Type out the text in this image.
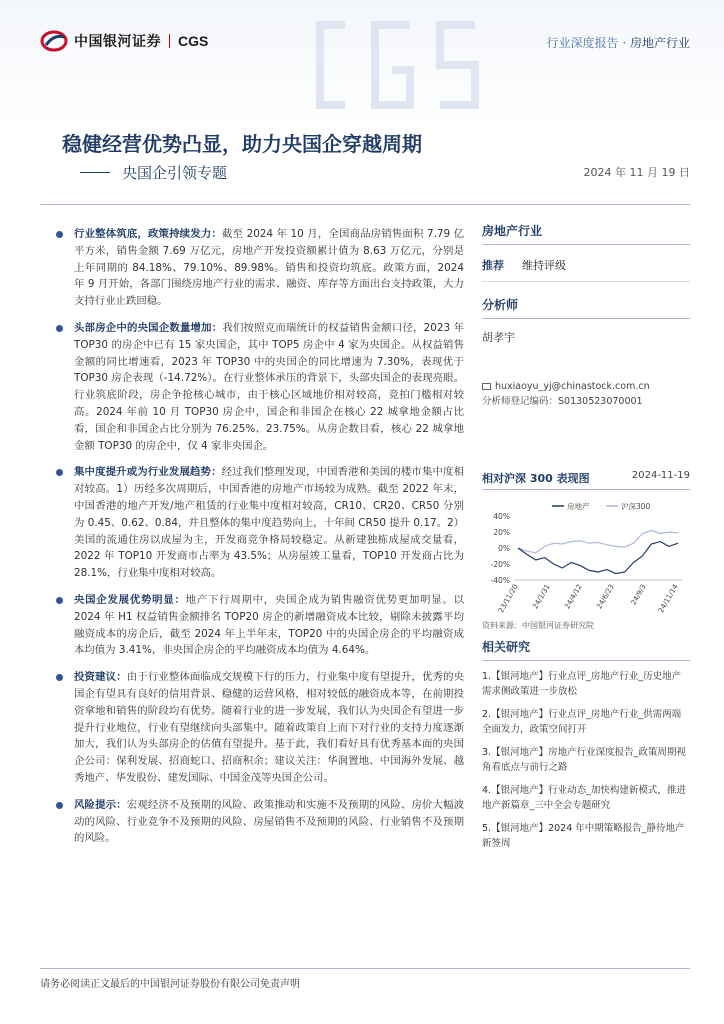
中国银河证券 CGS	行业深度报告 · 房地产行业
稳健经营优势凸显，助力央国企穿越周期
央国企引领专题	2024 年 11 月 19 日
行业整体筑底，政策持续发力：截至 2024 年 10 月，全国商品房销售面积 7.79 亿平方米，销售金额 7.69 万亿元，房地产开发投资额累计值为 8.63 万亿元，分别是上年同期的 84.18%、79.10%、89.98%。销售和投资均筑底。政策方面，2024 年 9 月开始，各部门围绕房地产行业的需求、融资、库存等方面出台支持政策，大力支持行业止跌回稳。
头部房企中的央国企数量增加：我们按照克而瑞统计的权益销售金额口径，2023 年 TOP30 的房企中已有 15 家央国企，其中 TOP5 房企中 4 家为央国企。从权益销售金额的同比增速看，2023 年 TOP30 中的央国企的同比增速为 7.30%，表现优于 TOP30 房企表现（-14.72%）。在行业整体承压的背景下，头部央国企的表现亮眼。行业筑底阶段，房企争抢核心城市，由于核心区域地价相对较高，竞拍门槛相对较高。2024 年前 10 月 TOP30 房企中，国企和非国企在核心 22 城拿地金额占比看，国企和非国企占比分别为 76.25%、23.75%。从房企数目看，核心 22 城拿地金额 TOP30 的房企中，仅 4 家非央国企。
集中度提升或为行业发展趋势：经过我们整理发现，中国香港和美国的楼市集中度相对较高。1）历经多次周期后，中国香港的房地产市场较为成熟。截至 2022 年末，中国香港的地产开发/地产租赁的行业集中度相对较高，CR10、CR20、CR50 分别为 0.45、0.62、0.84，并且整体的集中度趋势向上，十年间 CR50 提升 0.17。2）美国的流通住房以成屋为主，开发商竞争格局较稳定。从新建独栋成屋成交量看，2022 年 TOP10 开发商市占率为 43.5%；从房屋竣工量看，TOP10 开发商占比为 28.1%，行业集中度相对较高。
央国企发展优势明显：地产下行周期中，央国企成为销售融资优势更加明显。以 2024 年 H1 权益销售金额排名 TOP20 房企的新增融资成本比较，剔除未披露平均融资成本的房企后，截至 2024 年上半年末，TOP20 中的央国企房企的平均融资成本均值为 3.41%，非央国企房企的平均融资成本均值为 4.64%。
投资建议：由于行业整体面临成交规模下行的压力，行业集中度有望提升，优秀的央国企有望具有良好的信用背景、稳健的运营风格，相对较低的融资成本等，在前期投资拿地和销售的阶段均有优势。随着行业的进一步发展，我们认为央国企有望进一步提升行业地位，行业有望继续向头部集中。随着政策自上而下对行业的支持力度逐渐加大，我们认为头部房企的估值有望提升。基于此，我们看好具有优秀基本面的央国企公司：保利发展、招商蛇口、招商积余；建议关注：华润置地、中国海外发展、越秀地产、华发股份、建发国际、中国金茂等央国企公司。
风险提示：宏观经济不及预期的风险、政策推动和实施不及预期的风险、房价大幅波动的风险、行业竞争不及预期的风险、房屋销售不及预期的风险、行业销售不及预期的风险。
房地产行业
推荐 维持评级
分析师
胡孝宇
huxiaoyu_yj@chinastock.com.cn
分析师登记编码：S0130523070001
相对沪深 300 表现图	2024-11-19
房地产	沪深300
40%
20%
0%
-20%
-40%
23/11/20 24/1/31 24/4/12 24/6/23 24/9/3 24/11/14
资料来源：中国银河证券研究院
相关研究
1.【银河地产】行业点评_房地产行业_历史地产需求侧政策进一步放松
2.【银河地产】行业点评_房地产行业_供需两端全面发力，政策空间打开
3.【银河地产】房地产行业深度报告_政策周期视角看底点与前行之路
4.【银河地产】行业动态_加快构建新模式，推进地产新篇章_三中全会专题研究
5.【银河地产】2024 年中期策略报告_静待地产新签周
请务必阅读正文最后的中国银河证券股份有限公司免责声明
